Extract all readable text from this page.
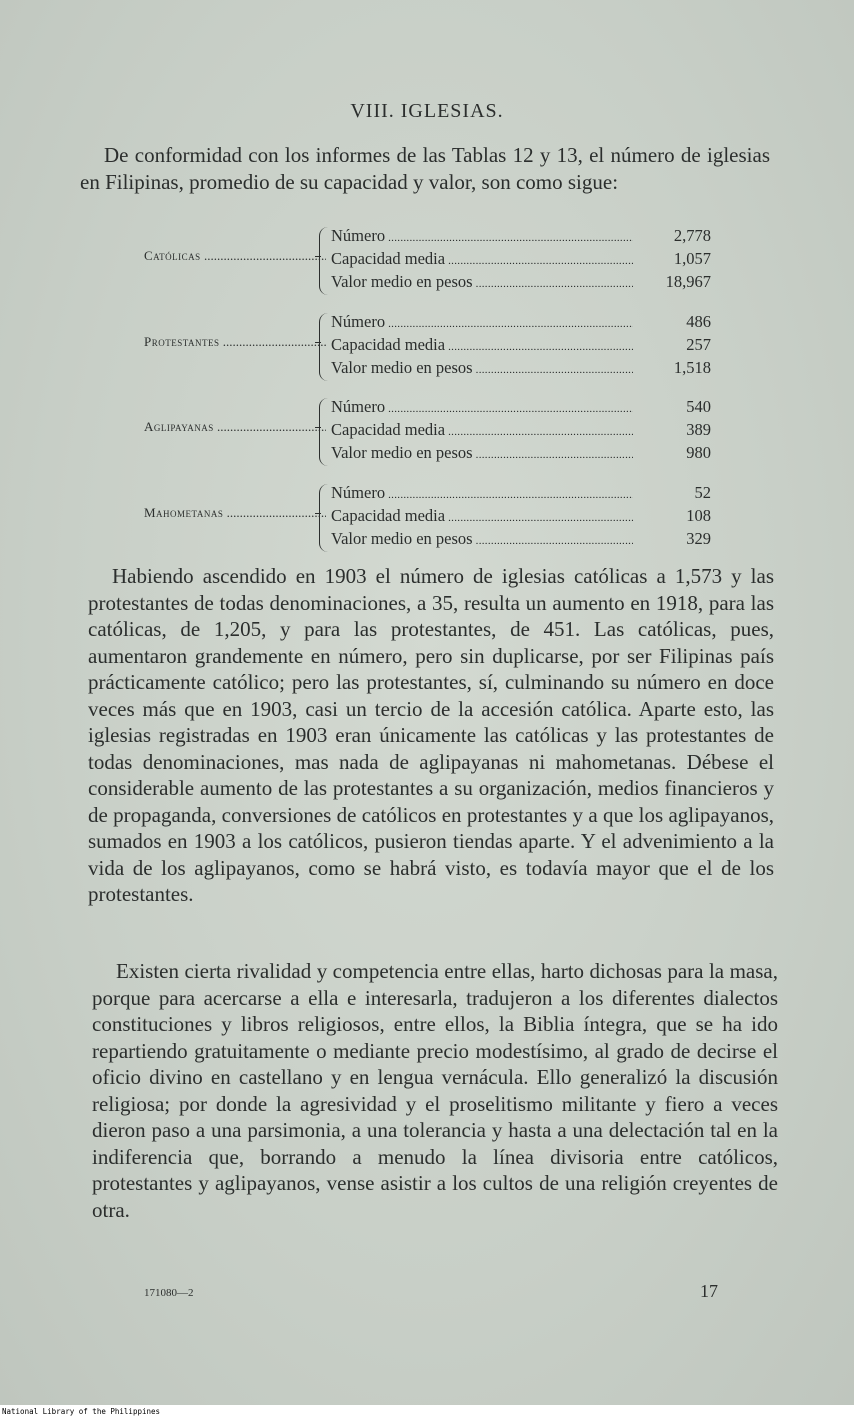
VIII. IGLESIAS.

De conformidad con los informes de las Tablas 12 y 13, el número de iglesias en Filipinas, promedio de su capacidad y valor, son como sigue:

Católicas .....
Número .....	2,778
Capacidad media .....	1,057
Valor medio en pesos .....	18,967
Protestantes .....
Número .....	486
Capacidad media .....	257
Valor medio en pesos .....	1,518
Aglipayanas .....
Número .....	540
Capacidad media .....	389
Valor medio en pesos .....	980
Mahometanas .....
Número .....	52
Capacidad media .....	108
Valor medio en pesos .....	329

Habiendo ascendido en 1903 el número de iglesias católicas a 1,573 y las protestantes de todas denominaciones, a 35, resulta un aumento en 1918, para las católicas, de 1,205, y para las protestantes, de 451. Las católicas, pues, aumentaron grandemente en número, pero sin duplicarse, por ser Filipinas país prácticamente católico; pero las protestantes, sí, culminando su número en doce veces más que en 1903, casi un tercio de la accesión católica. Aparte esto, las iglesias registradas en 1903 eran únicamente las católicas y las protestantes de todas denominaciones, mas nada de aglipayanas ni mahometanas. Débese el considerable aumento de las protestantes a su organización, medios financieros y de propaganda, conversiones de católicos en protestantes y a que los aglipayanos, sumados en 1903 a los católicos, pusieron tiendas aparte. Y el advenimiento a la vida de los aglipayanos, como se habrá visto, es todavía mayor que el de los protestantes.

Existen cierta rivalidad y competencia entre ellas, harto dichosas para la masa, porque para acercarse a ella e interesarla, tradujeron a los diferentes dialectos constituciones y libros religiosos, entre ellos, la Biblia íntegra, que se ha ido repartiendo gratuitamente o mediante precio modestísimo, al grado de decirse el oficio divino en castellano y en lengua vernácula. Ello generalizó la discusión religiosa; por donde la agresividad y el proselitismo militante y fiero a veces dieron paso a una parsimonia, a una tolerancia y hasta a una delectación tal en la indiferencia que, borrando a menudo la línea divisoria entre católicos, protestantes y aglipayanos, vense asistir a los cultos de una religión creyentes de otra.

171080—2	17
National Library of the Philippines
